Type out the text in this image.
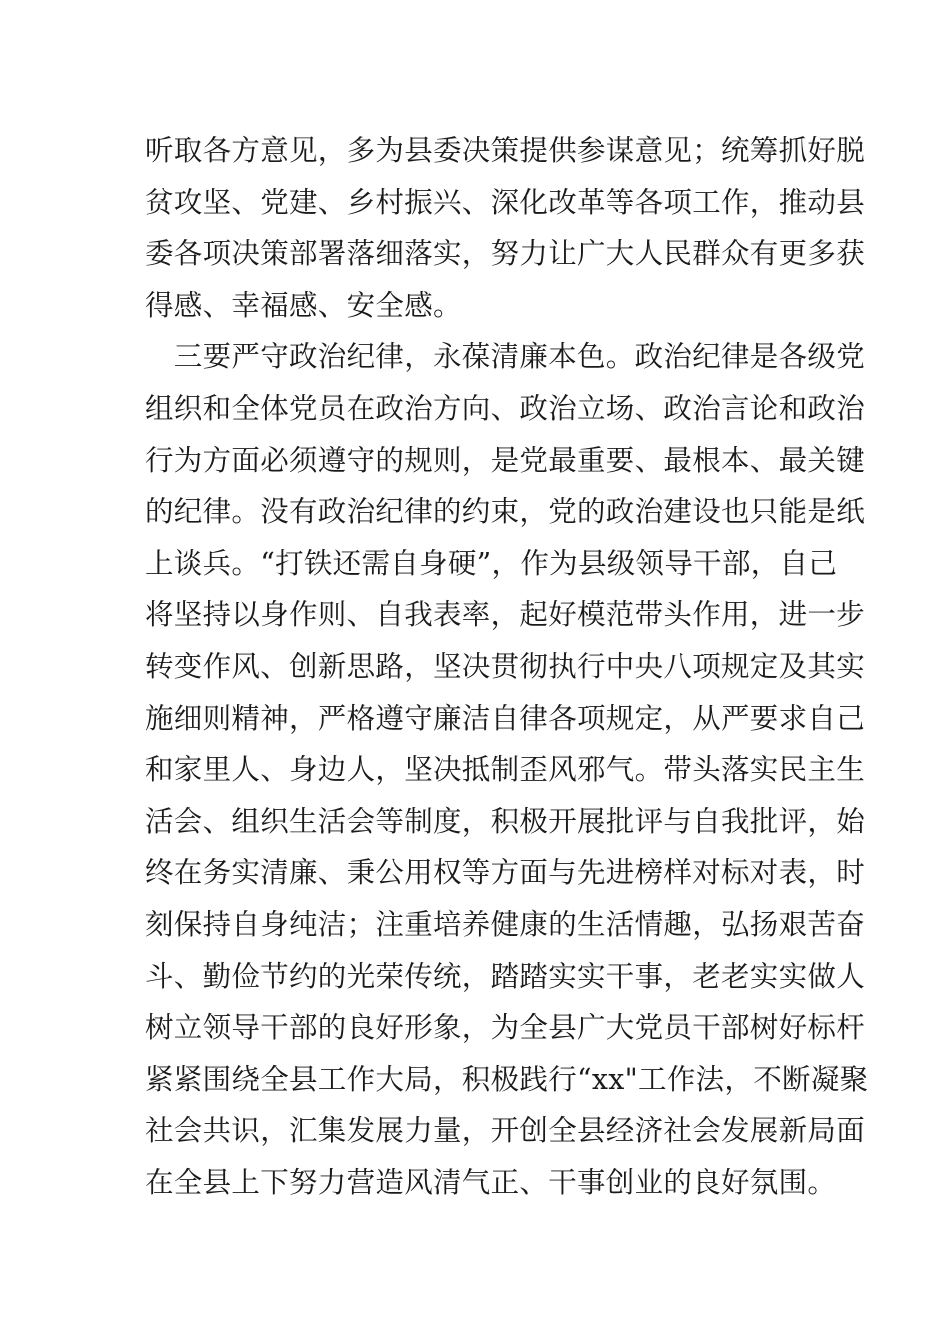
听取各方意见，多为县委决策提供参谋意见；统筹抓好脱
贫攻坚、党建、乡村振兴、深化改革等各项工作，推动县
委各项决策部署落细落实，努力让广大人民群众有更多获
得感、幸福感、安全感。
　三要严守政治纪律，永葆清廉本色。政治纪律是各级党
组织和全体党员在政治方向、政治立场、政治言论和政治
行为方面必须遵守的规则，是党最重要、最根本、最关键
的纪律。没有政治纪律的约束，党的政治建设也只能是纸
上谈兵。“打铁还需自身硬”，作为县级领导干部，自己
将坚持以身作则、自我表率，起好模范带头作用，进一步
转变作风、创新思路，坚决贯彻执行中央八项规定及其实
施细则精神，严格遵守廉洁自律各项规定，从严要求自己
和家里人、身边人，坚决抵制歪风邪气。带头落实民主生
活会、组织生活会等制度，积极开展批评与自我批评，始
终在务实清廉、秉公用权等方面与先进榜样对标对表，时
刻保持自身纯洁；注重培养健康的生活情趣，弘扬艰苦奋
斗、勤俭节约的光荣传统，踏踏实实干事，老老实实做人
树立领导干部的良好形象，为全县广大党员干部树好标杆
紧紧围绕全县工作大局，积极践行“xx"工作法，不断凝聚
社会共识，汇集发展力量，开创全县经济社会发展新局面
在全县上下努力营造风清气正、干事创业的良好氛围。
